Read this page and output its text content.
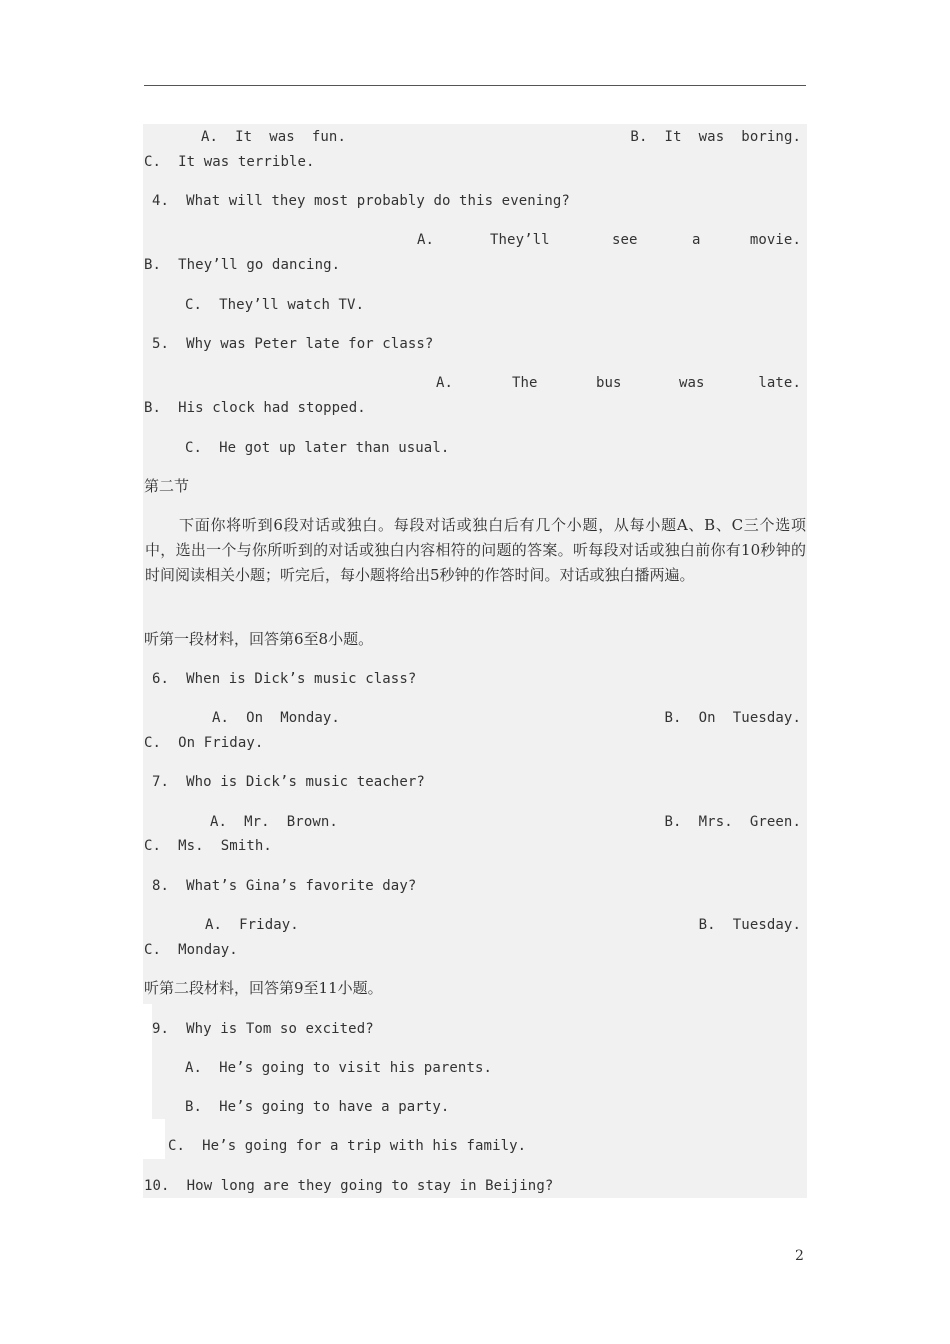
A.  It  was  fun.	B.  It  was  boring.
C.  It was terrible.
4.  What will they most probably do this evening?
A.	They’ll	see	a	movie.
B.  They’ll go dancing.
C.  They’ll watch TV.
5.  Why was Peter late for class?
A.	The	bus	was	late.
B.  His clock had stopped.
C.  He got up later than usual.
第二节
下面你将听到6段对话或独白。每段对话或独白后有几个小题，从每小题A、B、C三个选项中，选出一个与你所听到的对话或独白内容相符的问题的答案。听每段对话或独白前你有10秒钟的时间阅读相关小题；听完后，每小题将给出5秒钟的作答时间。对话或独白播两遍。
听第一段材料，回答第6至8小题。
6.  When is Dick’s music class?
A.  On  Monday.	B.  On  Tuesday.
C.  On Friday.
7.  Who is Dick’s music teacher?
A.  Mr.  Brown.	B.  Mrs.  Green.
C.  Ms.  Smith.
8.  What’s Gina’s favorite day?
A.  Friday.	B.  Tuesday.
C.  Monday.
听第二段材料，回答第9至11小题。
9.  Why is Tom so excited?
A.  He’s going to visit his parents.
B.  He’s going to have a party.
C.  He’s going for a trip with his family.
10.  How long are they going to stay in Beijing?
2
